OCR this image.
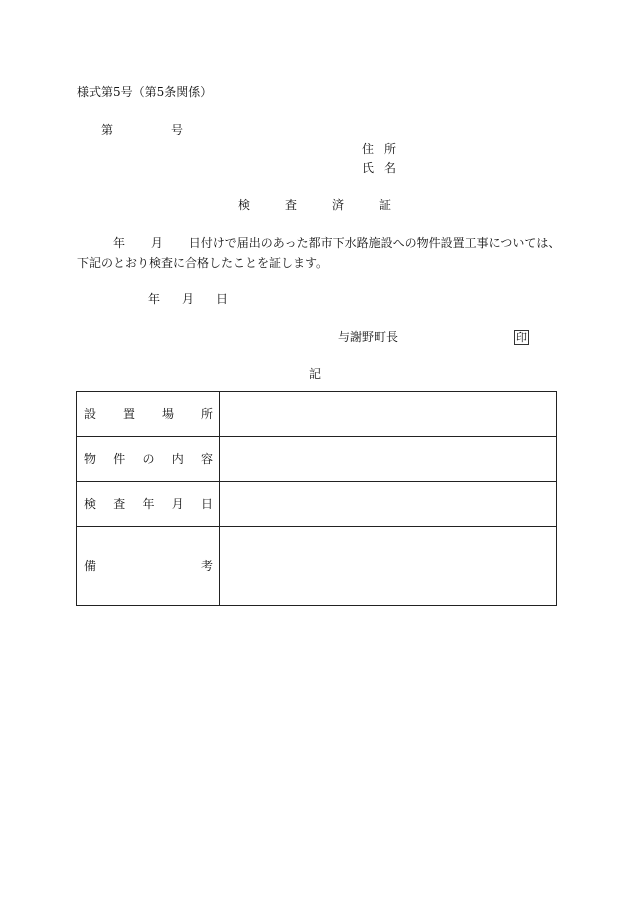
様式第5号（第5条関係）
第	号
住 所
氏 名
検	査	済	証
年 月 日付けで届出のあった都市下水路施設への物件設置工事については、
下記のとおり検査に合格したことを証します。
年 月 日
与謝野町長	印
記
設 置 場 所	

物 件 の 内 容	

検 査 年 月 日	

備 考	
